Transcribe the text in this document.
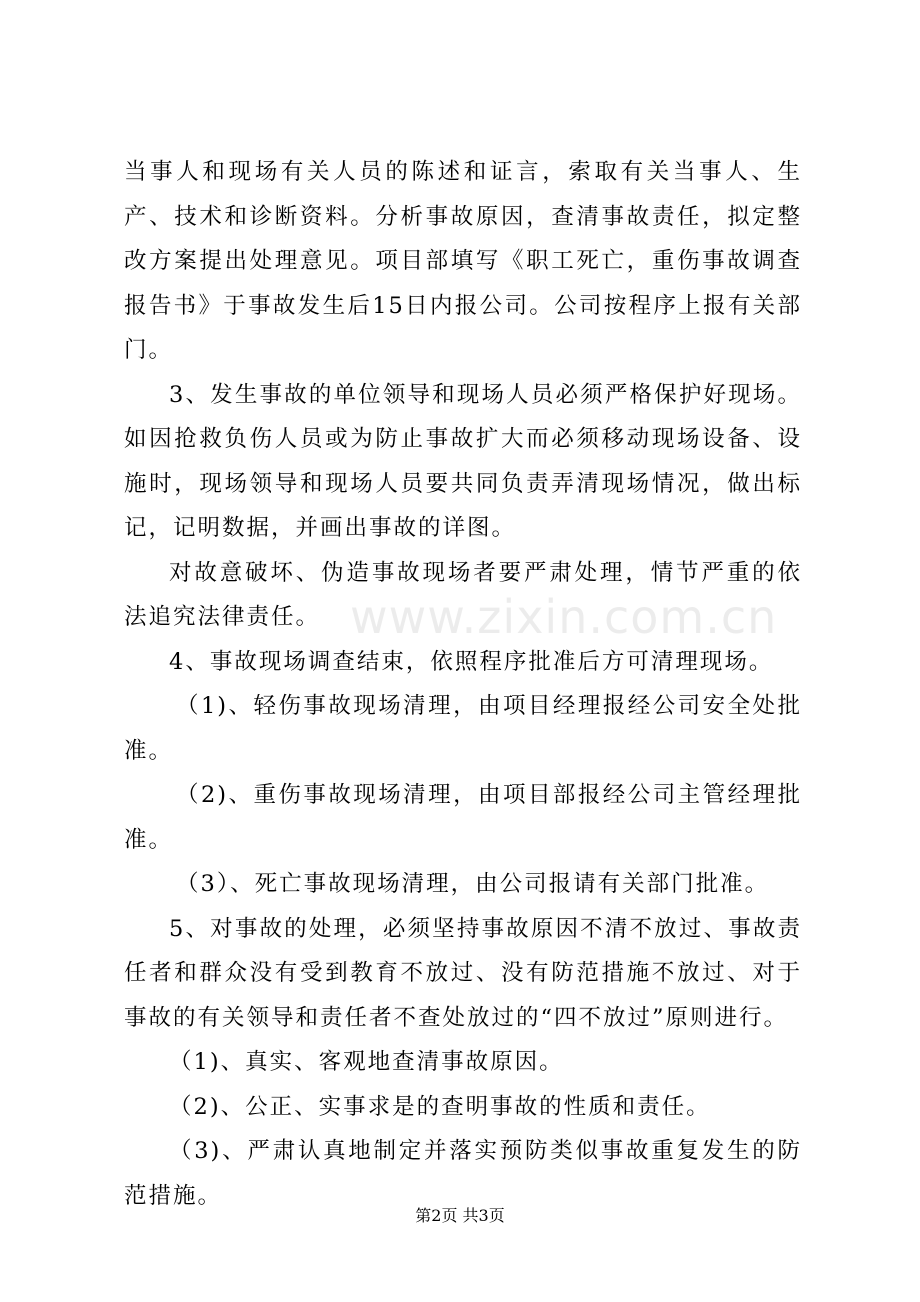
当事人和现场有关人员的陈述和证言，索取有关当事人、生产、技术和诊断资料。分析事故原因，查清事故责任，拟定整改方案提出处理意见。项目部填写《职工死亡，重伤事故调查报告书》于事故发生后15日内报公司。公司按程序上报有关部门。

3、发生事故的单位领导和现场人员必须严格保护好现场。如因抢救负伤人员或为防止事故扩大而必须移动现场设备、设施时，现场领导和现场人员要共同负责弄清现场情况，做出标记，记明数据，并画出事故的详图。

对故意破坏、伪造事故现场者要严肃处理，情节严重的依法追究法律责任。

4、事故现场调查结束，依照程序批准后方可清理现场。

（1)、轻伤事故现场清理，由项目经理报经公司安全处批准。

（2)、重伤事故现场清理，由项目部报经公司主管经理批准。

（3）、死亡事故现场清理，由公司报请有关部门批准。

5、对事故的处理，必须坚持事故原因不清不放过、事故责任者和群众没有受到教育不放过、没有防范措施不放过、对于事故的有关领导和责任者不查处放过的“四不放过”原则进行。

（1)、真实、客观地查清事故原因。

（2)、公正、实事求是的查明事故的性质和责任。

（3)、严肃认真地制定并落实预防类似事故重复发生的防范措施。

www.zixin.com.cn
第2页 共3页
